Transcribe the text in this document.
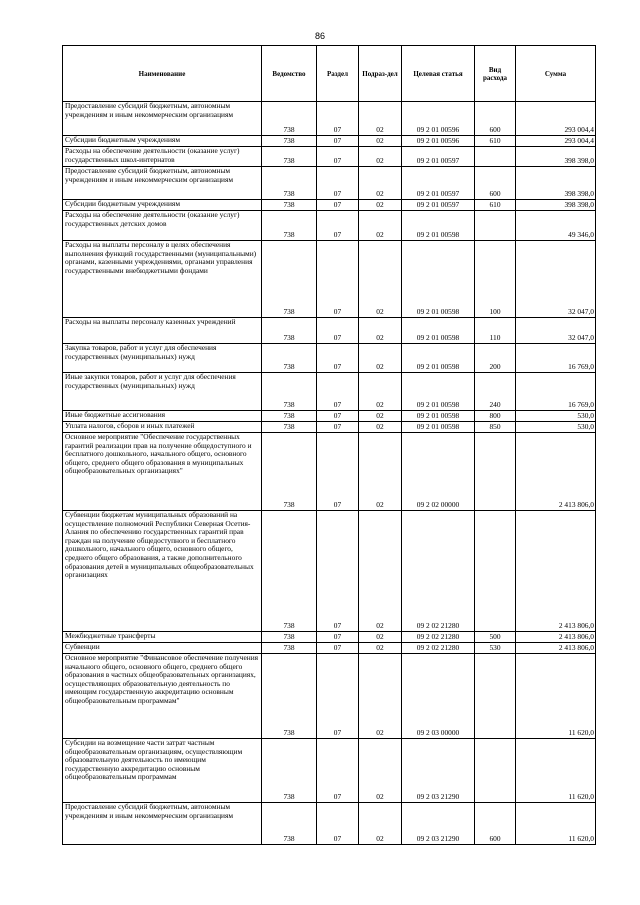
86
Наименование	Ведомство	Раздел	Подраз-дел	Целевая статья	Вид расхода	Сумма
Предоставление субсидий бюджетным, автономным учреждениям и иным некоммерческим организациям	738	07	02	09 2 01 00596	600	293 004,4
Субсидии бюджетным учреждениям	738	07	02	09 2 01 00596	610	293 004,4
Расходы на обеспечение деятельности (оказание услуг) государственных школ-интернатов	738	07	02	09 2 01 00597		398 398,0
Предоставление субсидий бюджетным, автономным учреждениям и иным некоммерческим организациям	738	07	02	09 2 01 00597	600	398 398,0
Субсидии бюджетным учреждениям	738	07	02	09 2 01 00597	610	398 398,0
Расходы на обеспечение деятельности (оказание услуг) государственных детских домов	738	07	02	09 2 01 00598		49 346,0
Расходы на выплаты персоналу в целях обеспечения выполнения функций государственными (муниципальными) органами, казенными учреждениями, органами управления государственными внебюджетными фондами	738	07	02	09 2 01 00598	100	32 047,0
Расходы на выплаты персоналу казенных учреждений	738	07	02	09 2 01 00598	110	32 047,0
Закупка товаров, работ и услуг для обеспечения государственных (муниципальных) нужд	738	07	02	09 2 01 00598	200	16 769,0
Иные закупки товаров, работ и услуг для обеспечения государственных (муниципальных) нужд	738	07	02	09 2 01 00598	240	16 769,0
Иные бюджетные ассигнования	738	07	02	09 2 01 00598	800	530,0
Уплата налогов, сборов и иных платежей	738	07	02	09 2 01 00598	850	530,0
Основное мероприятие "Обеспечение государственных гарантий реализации прав на получение общедоступного и бесплатного дошкольного, начального общего, основного общего, среднего общего образования в муниципальных общеобразовательных организациях"	738	07	02	09 2 02 00000		2 413 806,0
Субвенции бюджетам муниципальных образований на осуществление полномочий Республики Северная Осетия-Алания по обеспечению государственных гарантий прав граждан на получение общедоступного и бесплатного дошкольного, начального общего, основного общего, среднего общего образования, а также дополнительного образования детей в муниципальных общеобразовательных организациях	738	07	02	09 2 02 21280		2 413 806,0
Межбюджетные трансферты	738	07	02	09 2 02 21280	500	2 413 806,0
Субвенции	738	07	02	09 2 02 21280	530	2 413 806,0
Основное мероприятие "Финансовое обеспечение получения начального общего, основного общего, среднего общего образования в частных общеобразовательных организациях, осуществляющих образовательную деятельность по имеющим государственную аккредитацию основным общеобразовательным программам"	738	07	02	09 2 03 00000		11 620,0
Субсидии на возмещение части затрат частным общеобразовательным организациям, осуществляющим образовательную деятельность по имеющим государственную аккредитацию основным общеобразовательным программам	738	07	02	09 2 03 21290		11 620,0
Предоставление субсидий бюджетным, автономным учреждениям и иным некоммерческим организациям	738	07	02	09 2 03 21290	600	11 620,0
